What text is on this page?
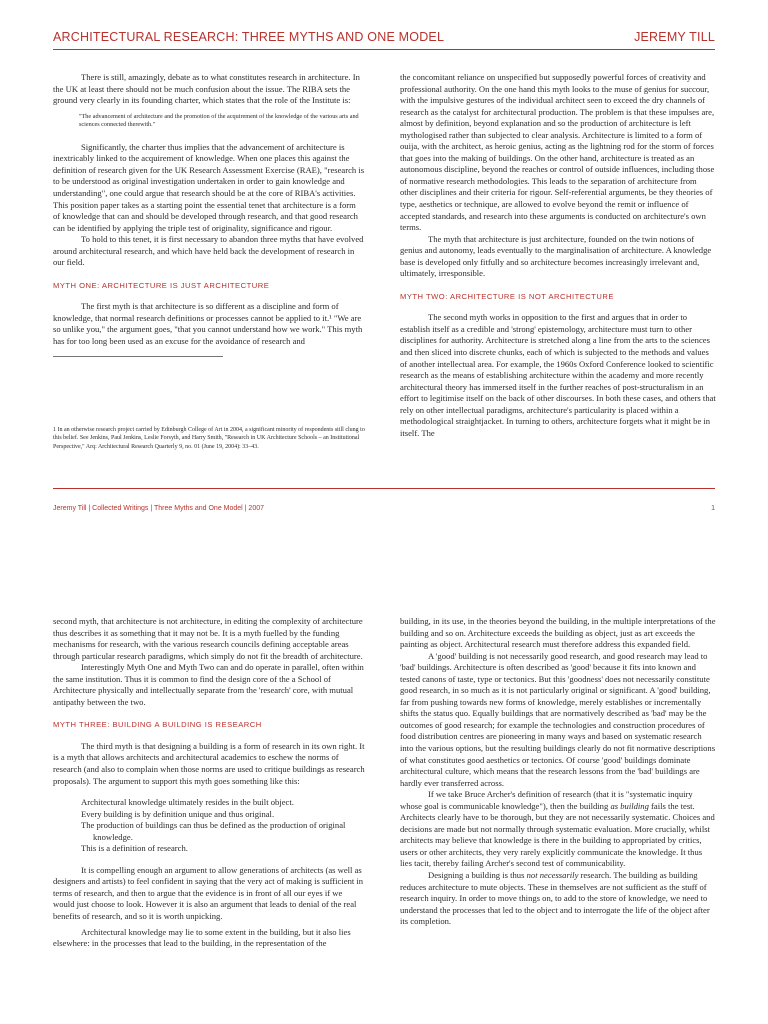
ARCHITECTURAL RESEARCH: THREE MYTHS AND ONE MODEL	JEREMY TILL

There is still, amazingly, debate as to what constitutes research in architecture. In the UK at least there should not be much confusion about the issue. The RIBA sets the ground very clearly in its founding charter, which states that the role of the Institute is:

"The advancement of architecture and the promotion of the acquirement of the knowledge of the various arts and sciences connected therewith."

Significantly, the charter thus implies that the advancement of architecture is inextricably linked to the acquirement of knowledge. When one places this against the definition of research given for the UK Research Assessment Exercise (RAE), "research is to be understood as original investigation undertaken in order to gain knowledge and understanding", one could argue that research should be at the core of RIBA's activities. This position paper takes as a starting point the essential tenet that architecture is a form of knowledge that can and should be developed through research, and that good research can be identified by applying the triple test of originality, significance and rigour.

To hold to this tenet, it is first necessary to abandon three myths that have evolved around architectural research, and which have held back the development of research in our field.

MYTH ONE: ARCHITECTURE IS JUST ARCHITECTURE

The first myth is that architecture is so different as a discipline and form of knowledge, that normal research definitions or processes cannot be applied to it.¹ "We are so unlike you," the argument goes, "that you cannot understand how we work." This myth has for too long been used as an excuse for the avoidance of research and

1 In an otherwise research project carried by Edinburgh College of Art in 2004, a significant minority of respondents still clung to this belief. See Jenkins, Paul Jenkins, Leslie Forsyth, and Harry Smith, "Research in UK Architecture Schools – an Institutional Perspective," Arq: Architectural Research Quarterly 9, no. 01 (June 19, 2004): 33–43.

the concomitant reliance on unspecified but supposedly powerful forces of creativity and professional authority. On the one hand this myth looks to the muse of genius for succour, with the impulsive gestures of the individual architect seen to exceed the dry channels of research as the catalyst for architectural production. The problem is that these impulses are, almost by definition, beyond explanation and so the production of architecture is left mythologised rather than subjected to clear analysis. Architecture is limited to a form of ouija, with the architect, as heroic genius, acting as the lightning rod for the storm of forces that goes into the making of buildings. On the other hand, architecture is treated as an autonomous discipline, beyond the reaches or control of outside influences, including those of normative research methodologies. This leads to the separation of architecture from other disciplines and their criteria for rigour. Self-referential arguments, be they theories of type, aesthetics or technique, are allowed to evolve beyond the remit or influence of accepted standards, and research into these arguments is conducted on architecture's own terms.

The myth that architecture is just architecture, founded on the twin notions of genius and autonomy, leads eventually to the marginalisation of architecture. A knowledge base is developed only fitfully and so architecture becomes increasingly irrelevant and, ultimately, irresponsible.

MYTH TWO: ARCHITECTURE IS NOT ARCHITECTURE

The second myth works in opposition to the first and argues that in order to establish itself as a credible and 'strong' epistemology, architecture must turn to other disciplines for authority. Architecture is stretched along a line from the arts to the sciences and then sliced into discrete chunks, each of which is subjected to the methods and values of another intellectual area. For example, the 1960s Oxford Conference looked to scientific research as the means of establishing architecture within the academy and more recently architectural theory has immersed itself in the further reaches of post-structuralism in an effort to legitimise itself on the back of other discourses. In both these cases, and others that rely on other intellectual paradigms, architecture's particularity is placed within a methodological straightjacket. In turning to others, architecture forgets what it might be in itself. The

Jeremy Till | Collected Writings | Three Myths and One Model | 2007	1

second myth, that architecture is not architecture, in editing the complexity of architecture thus describes it as something that it may not be. It is a myth fuelled by the funding mechanisms for research, with the various research councils defining acceptable areas through particular research paradigms, which simply do not fit the breadth of architecture.

Interestingly Myth One and Myth Two can and do operate in parallel, often within the same institution. Thus it is common to find the design core of the a School of Architecture physically and intellectually separate from the 'research' core, with mutual antipathy between the two.

MYTH THREE: BUILDING A BUILDING IS RESEARCH

The third myth is that designing a building is a form of research in its own right. It is a myth that allows architects and architectural academics to eschew the norms of research (and also to complain when those norms are used to critique buildings as research proposals). The argument to support this myth goes something like this:

Architectural knowledge ultimately resides in the built object.
Every building is by definition unique and thus original.
The production of buildings can thus be defined as the production of original
knowledge.
This is a definition of research.

It is compelling enough an argument to allow generations of architects (as well as designers and artists) to feel confident in saying that the very act of making is sufficient in terms of research, and then to argue that the evidence is in front of all our eyes if we would just choose to look. However it is also an argument that leads to denial of the real benefits of research, and so it is worth unpicking.

Architectural knowledge may lie to some extent in the building, but it also lies elsewhere: in the processes that lead to the building, in the representation of the

building, in its use, in the theories beyond the building, in the multiple interpretations of the building and so on. Architecture exceeds the building as object, just as art exceeds the painting as object. Architectural research must therefore address this expanded field.

A 'good' building is not necessarily good research, and good research may lead to 'bad' buildings. Architecture is often described as 'good' because it fits into known and tested canons of taste, type or tectonics. But this 'goodness' does not necessarily constitute good research, in so much as it is not particularly original or significant. A 'good' building, far from pushing towards new forms of knowledge, merely establishes or incrementally shifts the status quo. Equally buildings that are normatively described as 'bad' may be the outcomes of good research; for example the technologies and construction procedures of food distribution centres are pioneering in many ways and based on systematic research into the various options, but the resulting buildings clearly do not fit normative descriptions of what constitutes good aesthetics or tectonics. Of course 'good' buildings dominate architectural culture, which means that the research lessons from the 'bad' buildings are hardly ever transferred across.

If we take Bruce Archer's definition of research (that it is "systematic inquiry whose goal is communicable knowledge"), then the building as building fails the test. Architects clearly have to be thorough, but they are not necessarily systematic. Choices and decisions are made but not normally through systematic evaluation. More crucially, whilst architects may believe that knowledge is there in the building to appropriated by critics, users or other architects, they very rarely explicitly communicate the knowledge. It thus lies tacit, thereby failing Archer's second test of communicability.

Designing a building is thus not necessarily research. The building as building reduces architecture to mute objects. These in themselves are not sufficient as the stuff of research inquiry. In order to move things on, to add to the store of knowledge, we need to understand the processes that led to the object and to interrogate the life of the object after its completion.
